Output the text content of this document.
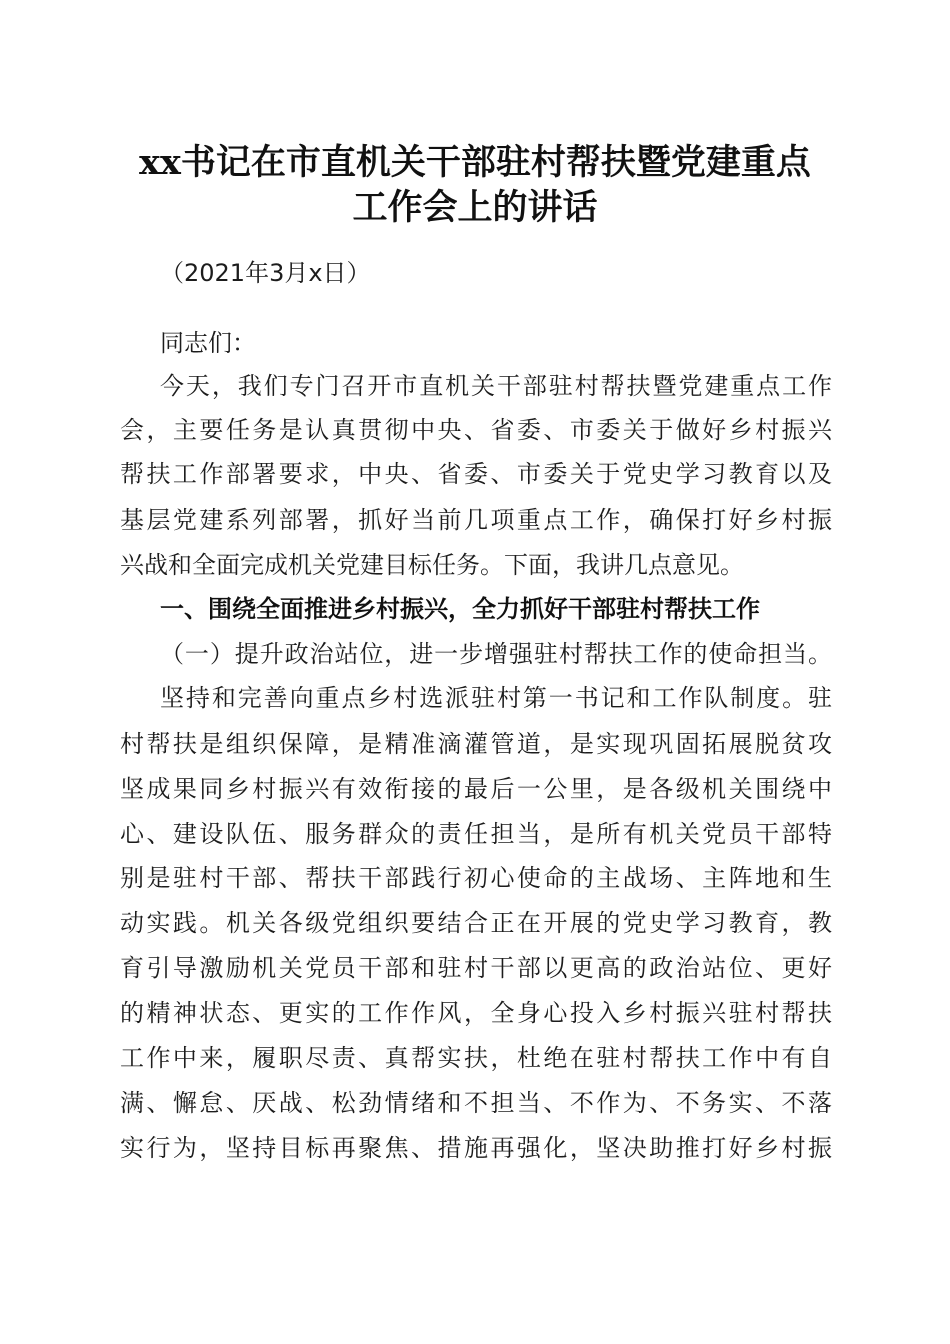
xx书记在市直机关干部驻村帮扶暨党建重点
工作会上的讲话

（2021年3月x日）

同志们：

今天，我们专门召开市直机关干部驻村帮扶暨党建重点工作

会，主要任务是认真贯彻中央、省委、市委关于做好乡村振兴

帮扶工作部署要求，中央、省委、市委关于党史学习教育以及

基层党建系列部署，抓好当前几项重点工作，确保打好乡村振

兴战和全面完成机关党建目标任务。下面，我讲几点意见。

一、围绕全面推进乡村振兴，全力抓好干部驻村帮扶工作

（一）提升政治站位，进一步增强驻村帮扶工作的使命担当。

坚持和完善向重点乡村选派驻村第一书记和工作队制度。驻

村帮扶是组织保障，是精准滴灌管道，是实现巩固拓展脱贫攻

坚成果同乡村振兴有效衔接的最后一公里，是各级机关围绕中

心、建设队伍、服务群众的责任担当，是所有机关党员干部特

别是驻村干部、帮扶干部践行初心使命的主战场、主阵地和生

动实践。机关各级党组织要结合正在开展的党史学习教育，教

育引导激励机关党员干部和驻村干部以更高的政治站位、更好

的精神状态、更实的工作作风，全身心投入乡村振兴驻村帮扶

工作中来，履职尽责、真帮实扶，杜绝在驻村帮扶工作中有自

满、懈怠、厌战、松劲情绪和不担当、不作为、不务实、不落

实行为，坚持目标再聚焦、措施再强化，坚决助推打好乡村振
